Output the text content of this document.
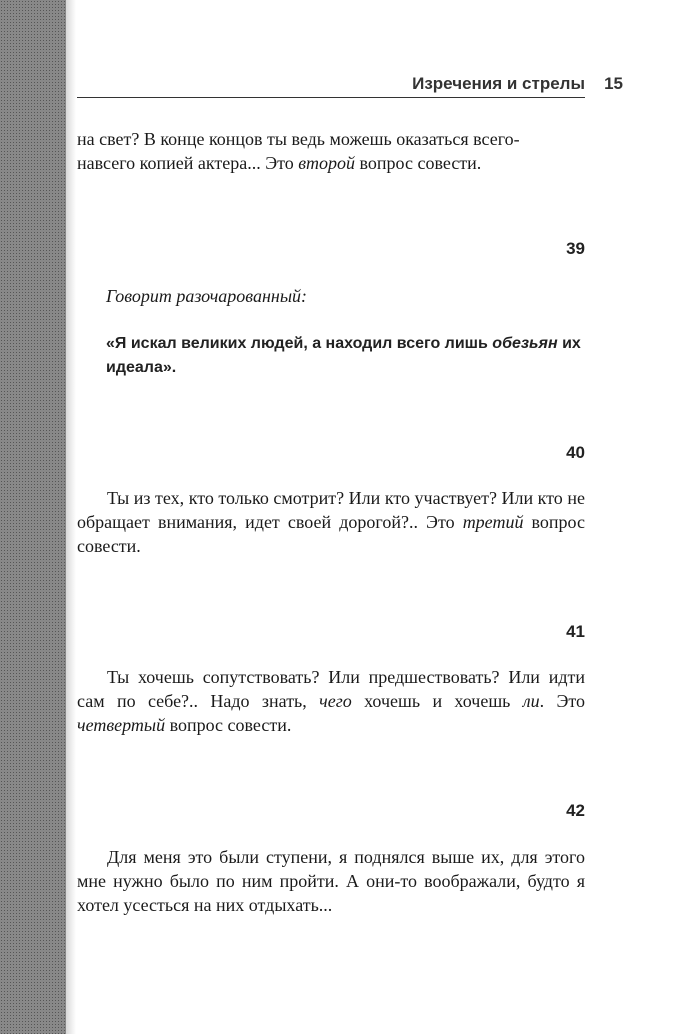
Изречения и стрелы 15
на свет? В конце концов ты ведь можешь оказаться всего-
навсего копией актера... Это второй вопрос совести.
39
Говорит разочарованный:
«Я искал великих людей, а находил всего лишь обезьян их идеала».
40
Ты из тех, кто только смотрит? Или кто участвует? Или кто не обращает внимания, идет своей дорогой?.. Это третий вопрос совести.
41
Ты хочешь сопутствовать? Или предшествовать? Или идти сам по себе?.. Надо знать, чего хочешь и хочешь ли. Это четвертый вопрос совести.
42
Для меня это были ступени, я поднялся выше их, для этого мне нужно было по ним пройти. А они-то воображали, будто я хотел усесться на них отдыхать...
